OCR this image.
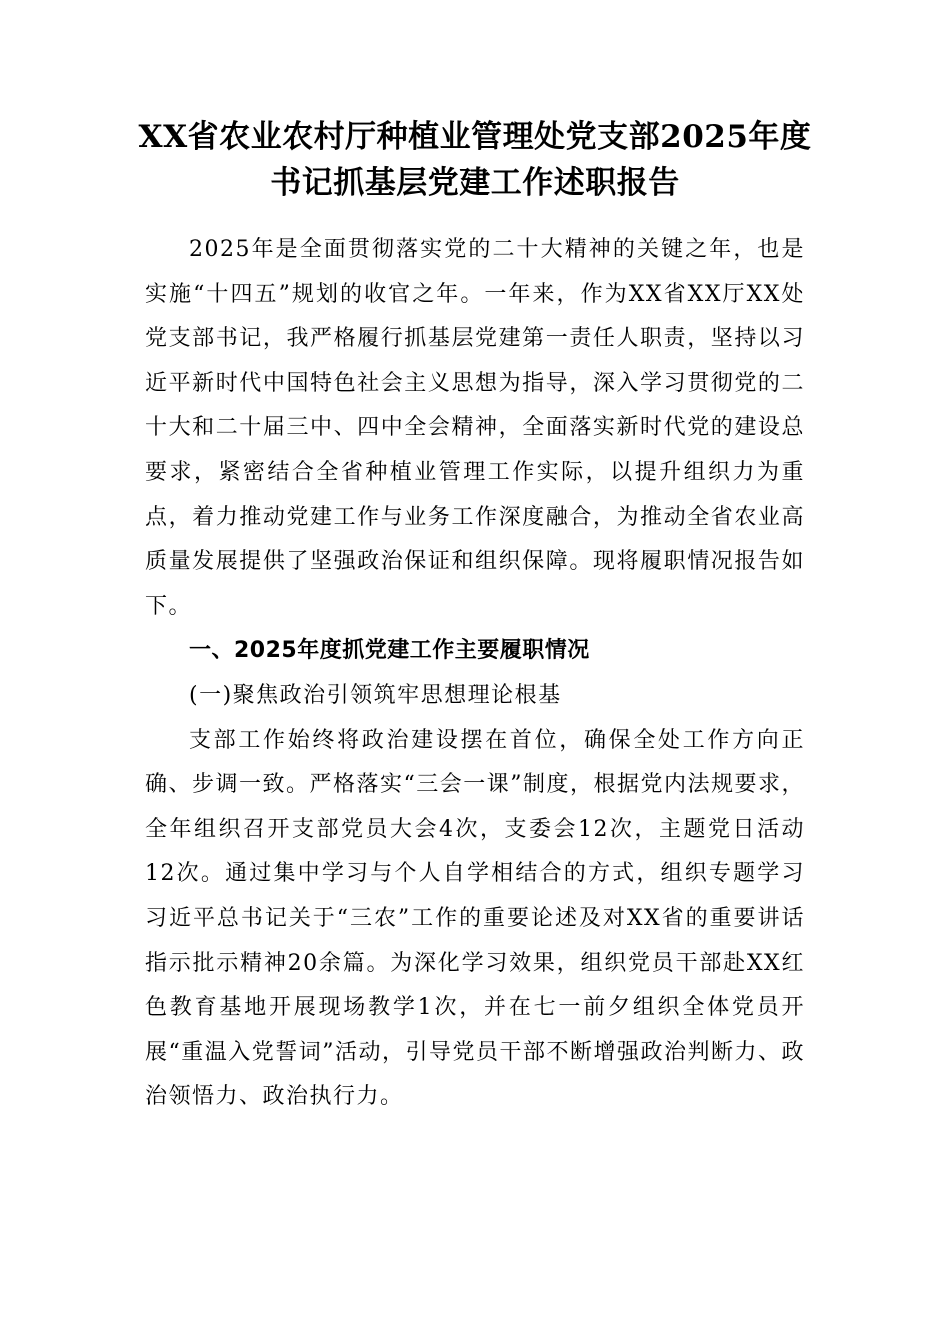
XX省农业农村厅种植业管理处党支部2025年度书记抓基层党建工作述职报告

2025年是全面贯彻落实党的二十大精神的关键之年，也是实施“十四五”规划的收官之年。一年来，作为XX省XX厅XX处党支部书记，我严格履行抓基层党建第一责任人职责，坚持以习近平新时代中国特色社会主义思想为指导，深入学习贯彻党的二十大和二十届三中、四中全会精神，全面落实新时代党的建设总要求，紧密结合全省种植业管理工作实际，以提升组织力为重点，着力推动党建工作与业务工作深度融合，为推动全省农业高质量发展提供了坚强政治保证和组织保障。现将履职情况报告如下。

一、2025年度抓党建工作主要履职情况

(一)聚焦政治引领筑牢思想理论根基

支部工作始终将政治建设摆在首位，确保全处工作方向正确、步调一致。严格落实“三会一课”制度，根据党内法规要求，全年组织召开支部党员大会4次，支委会12次，主题党日活动12次。通过集中学习与个人自学相结合的方式，组织专题学习习近平总书记关于“三农”工作的重要论述及对XX省的重要讲话指示批示精神20余篇。为深化学习效果，组织党员干部赴XX红色教育基地开展现场教学1次，并在七一前夕组织全体党员开展“重温入党誓词”活动，引导党员干部不断增强政治判断力、政治领悟力、政治执行力。
